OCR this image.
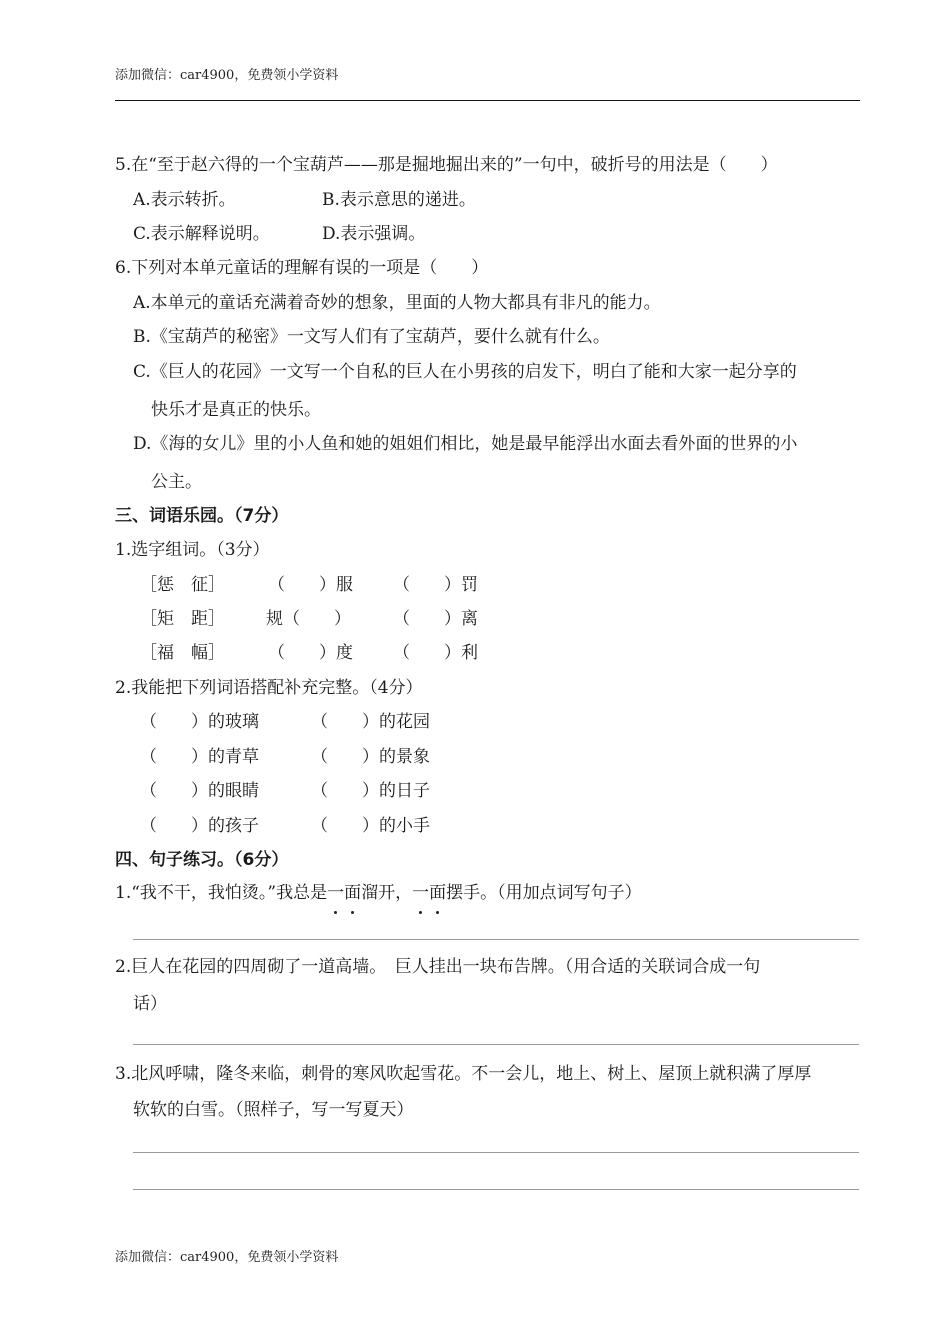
添加微信：car4900，免费领小学资料
5.在“至于赵六得的一个宝葫芦——那是掘地掘出来的”一句中，破折号的用法是（　　）
A.表示转折。	B.表示意思的递进。
C.表示解释说明。	D.表示强调。
6.下列对本单元童话的理解有误的一项是（　　）
A.本单元的童话充满着奇妙的想象，里面的人物大都具有非凡的能力。
B.《宝葫芦的秘密》一文写人们有了宝葫芦，要什么就有什么。
C.《巨人的花园》一文写一个自私的巨人在小男孩的启发下，明白了能和大家一起分享的
快乐才是真正的快乐。
D.《海的女儿》里的小人鱼和她的姐姐们相比，她是最早能浮出水面去看外面的世界的小
公主。
三、词语乐园。（7分）
1.选字组词。（3分）
［惩　征］	（　　）服 （　　）罚
［矩　距］ 规（　　） （　　）离
［福　幅］	（　　）度 （　　）利
2.我能把下列词语搭配补充完整。（4分）
（　　）的玻璃	（　　）的花园
（　　）的青草	（　　）的景象
（　　）的眼睛	（　　）的日子
（　　）的孩子	（　　）的小手
四、句子练习。（6分）
1.“我不干，我怕烫。”我总是一面溜开，一面摆手。（用加点词写句子）
2.巨人在花园的四周砌了一道高墙。　巨人挂出一块布告牌。（用合适的关联词合成一句
话）
3.北风呼啸，隆冬来临，刺骨的寒风吹起雪花。不一会儿，地上、树上、屋顶上就积满了厚厚
软软的白雪。（照样子，写一写夏天）
添加微信：car4900，免费领小学资料
